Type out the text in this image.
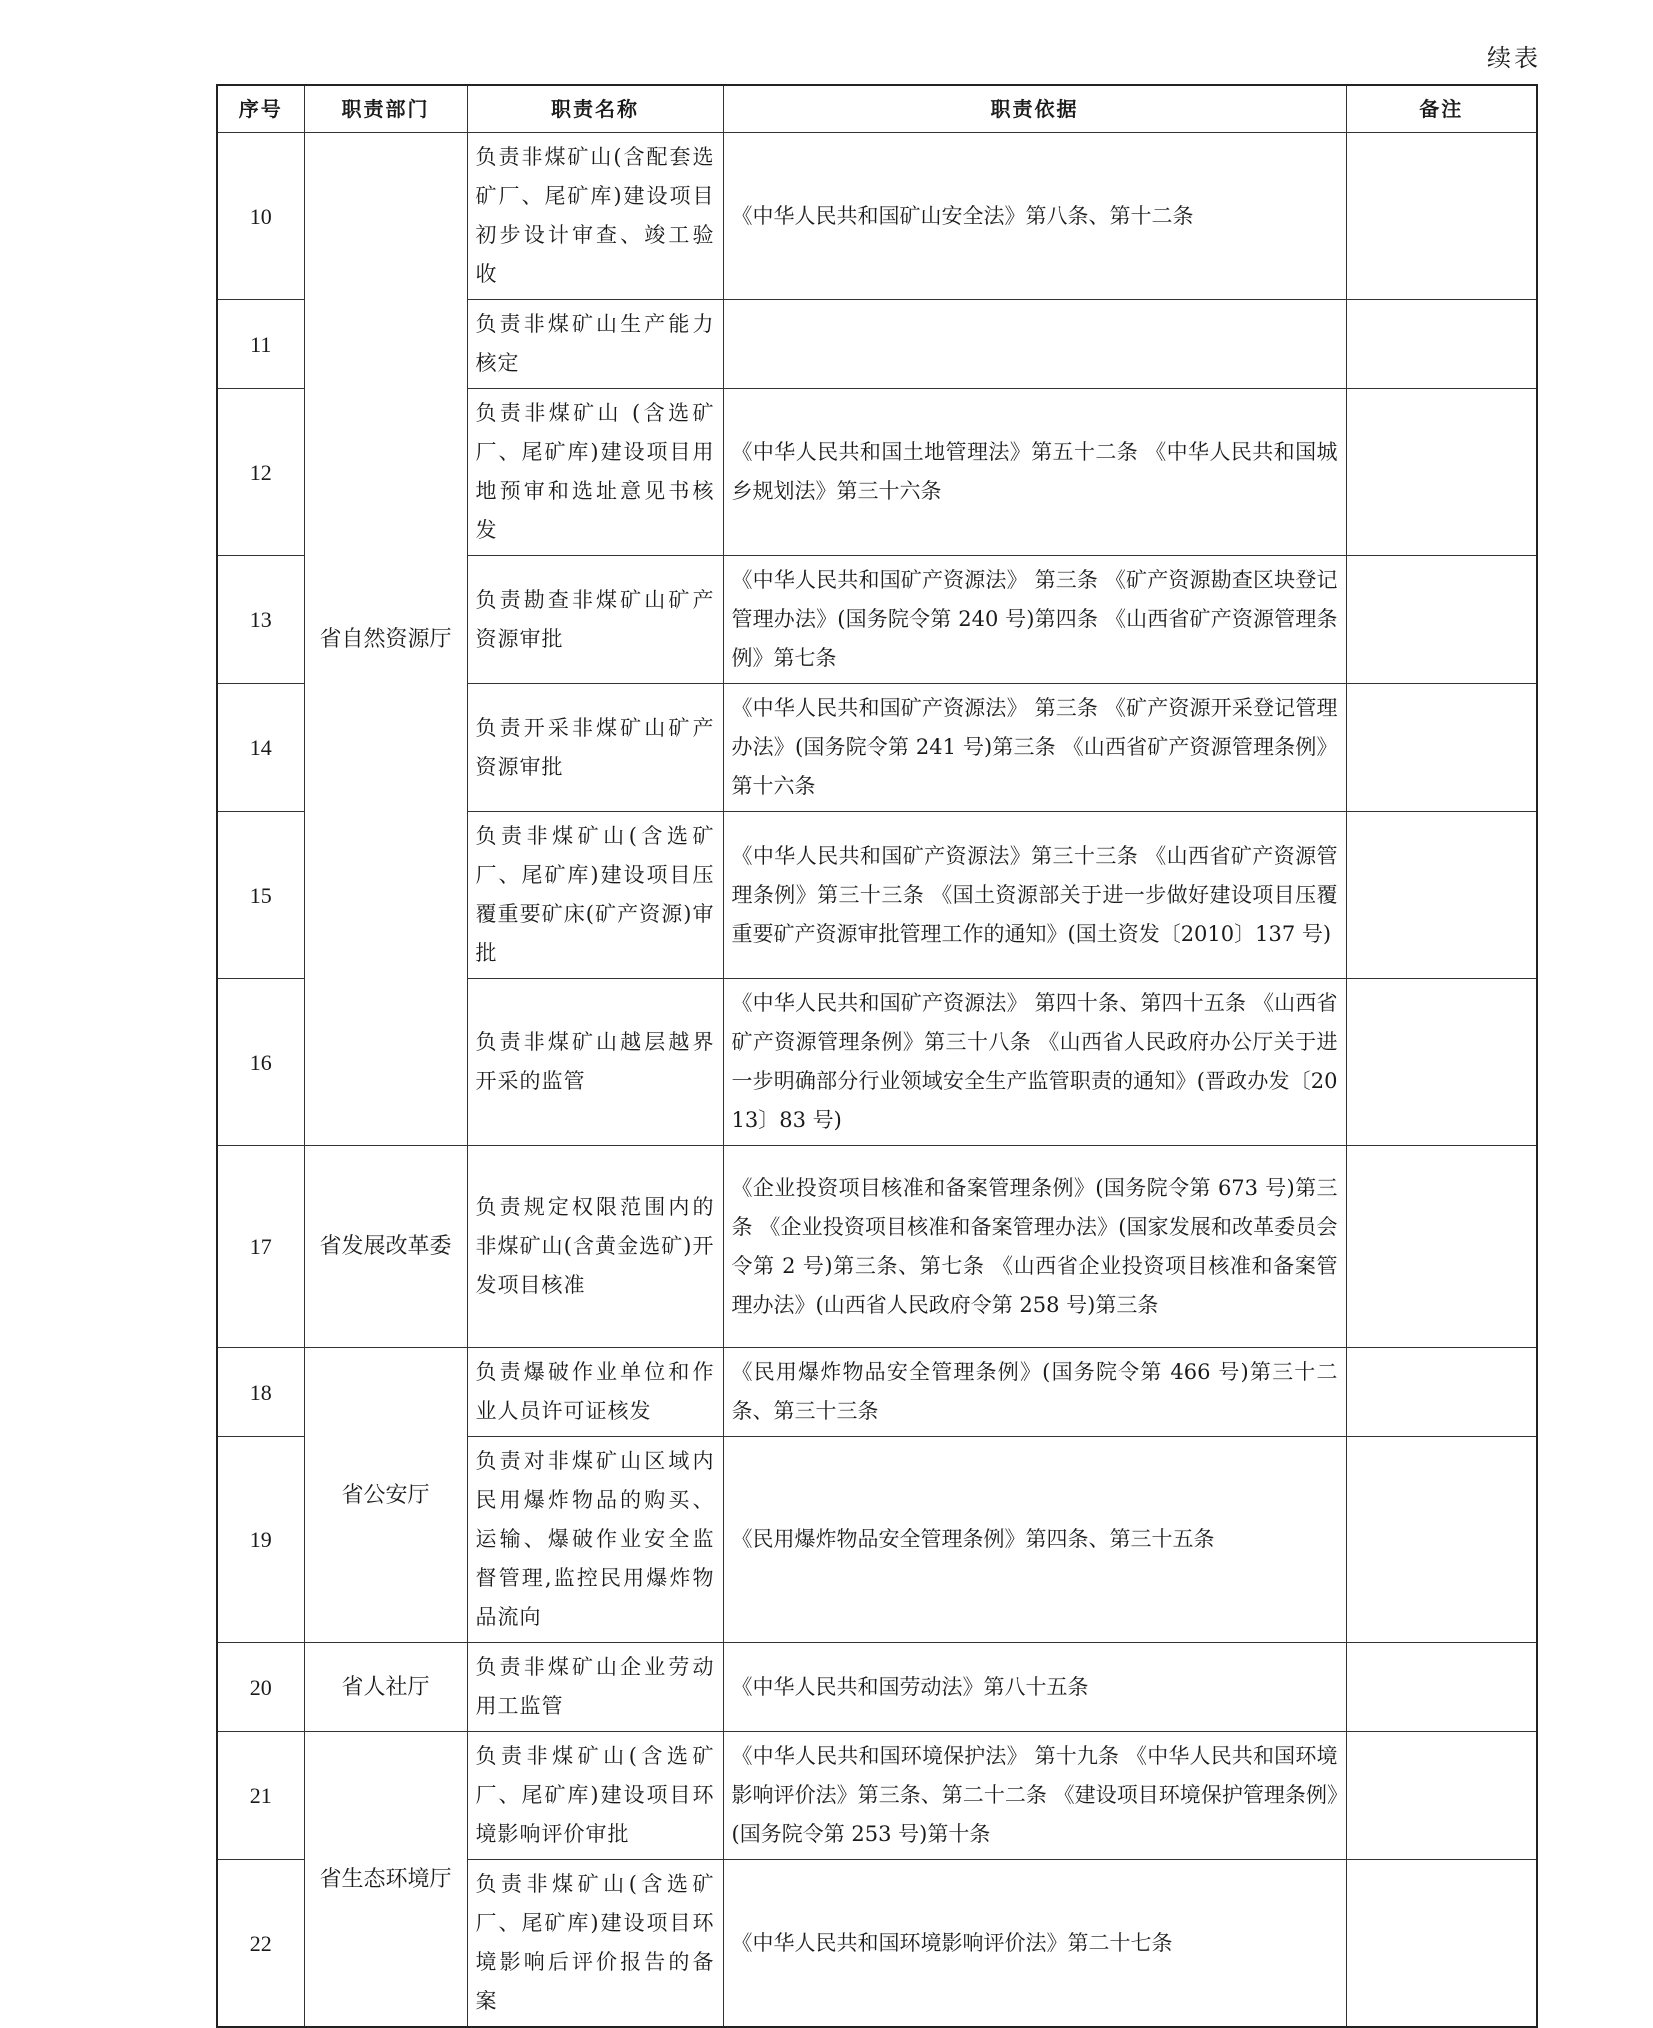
续表
序号	职责部门	职责名称	职责依据	备注
10	省自然资源厅	负责非煤矿山(含配套选矿厂、尾矿库)建设项目初步设计审查、竣工验收	《中华人民共和国矿山安全法》第八条、第十二条	
11		负责非煤矿山生产能力核定		
12		负责非煤矿山 (含选矿厂、尾矿库)建设项目用地预审和选址意见书核发	《中华人民共和国土地管理法》第五十二条 《中华人民共和国城乡规划法》第三十六条	
13		负责勘查非煤矿山矿产资源审批	《中华人民共和国矿产资源法》 第三条 《矿产资源勘查区块登记管理办法》(国务院令第 240 号)第四条 《山西省矿产资源管理条例》第七条	
14		负责开采非煤矿山矿产资源审批	《中华人民共和国矿产资源法》 第三条 《矿产资源开采登记管理办法》(国务院令第 241 号)第三条 《山西省矿产资源管理条例》第十六条	
15		负责非煤矿山(含选矿厂、尾矿库)建设项目压覆重要矿床(矿产资源)审批	《中华人民共和国矿产资源法》第三十三条 《山西省矿产资源管理条例》第三十三条 《国土资源部关于进一步做好建设项目压覆重要矿产资源审批管理工作的通知》(国土资发〔2010〕137 号)	
16		负责非煤矿山越层越界开采的监管	《中华人民共和国矿产资源法》 第四十条、第四十五条 《山西省矿产资源管理条例》第三十八条 《山西省人民政府办公厅关于进一步明确部分行业领域安全生产监管职责的通知》(晋政办发〔2013〕83 号)	
17	省发展改革委	负责规定权限范围内的非煤矿山(含黄金选矿)开发项目核准	《企业投资项目核准和备案管理条例》(国务院令第 673 号)第三条 《企业投资项目核准和备案管理办法》(国家发展和改革委员会令第 2 号)第三条、第七条 《山西省企业投资项目核准和备案管理办法》(山西省人民政府令第 258 号)第三条	
18	省公安厅	负责爆破作业单位和作业人员许可证核发	《民用爆炸物品安全管理条例》(国务院令第 466 号)第三十二条、第三十三条	
19		负责对非煤矿山区域内民用爆炸物品的购买、运输、爆破作业安全监督管理,监控民用爆炸物品流向	《民用爆炸物品安全管理条例》第四条、第三十五条	
20	省人社厅	负责非煤矿山企业劳动用工监管	《中华人民共和国劳动法》第八十五条	
21	省生态环境厅	负责非煤矿山(含选矿厂、尾矿库)建设项目环境影响评价审批	《中华人民共和国环境保护法》 第十九条 《中华人民共和国环境影响评价法》第三条、第二十二条 《建设项目环境保护管理条例》(国务院令第 253 号)第十条	
22		负责非煤矿山(含选矿厂、尾矿库)建设项目环境影响后评价报告的备案	《中华人民共和国环境影响评价法》第二十七条	
